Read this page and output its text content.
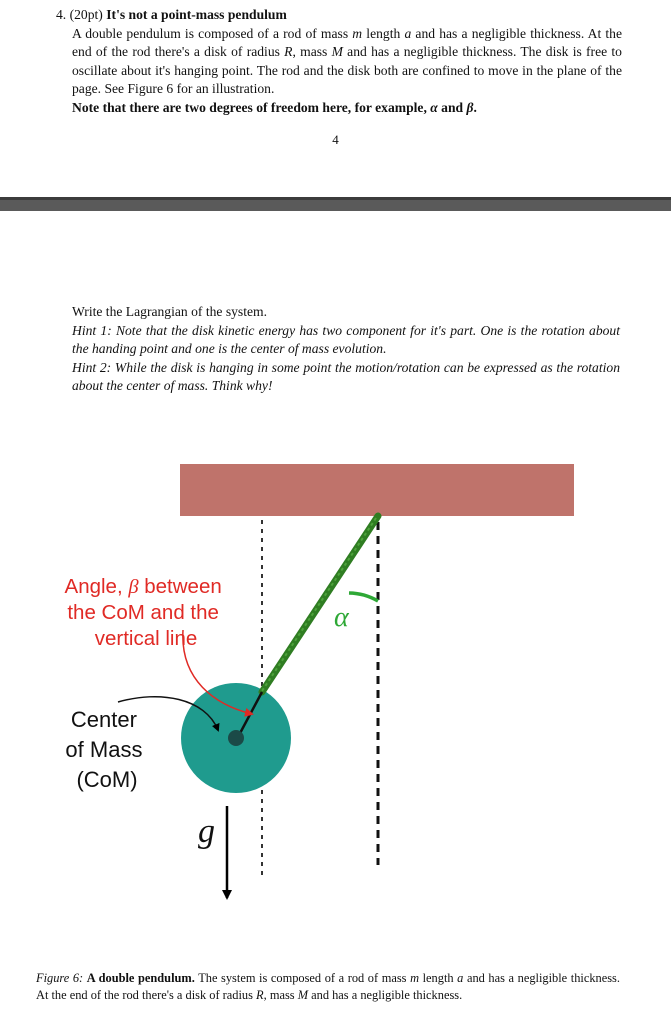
4. (20pt) It's not a point-mass pendulum

A double pendulum is composed of a rod of mass m length a and has a negligible thickness. At the end of the rod there's a disk of radius R, mass M and has a negligible thickness. The disk is free to oscillate about it's hanging point. The rod and the disk both are confined to move in the plane of the page. See Figure 6 for an illustration.
Note that there are two degrees of freedom here, for example, α and β.

4

Write the Lagrangian of the system.

Hint 1: Note that the disk kinetic energy has two component for it's part. One is the rotation about the handing point and one is the center of mass evolution.

Hint 2: While the disk is hanging in some point the motion/rotation can be expressed as the rotation about the center of mass. Think why!

Angle, β between the CoM and the vertical line
Center of Mass (CoM)
α
g
Figure 6: A double pendulum. The system is composed of a rod of mass m length a and has a negligible thickness. At the end of the rod there's a disk of radius R, mass M and has a negligible thickness.
